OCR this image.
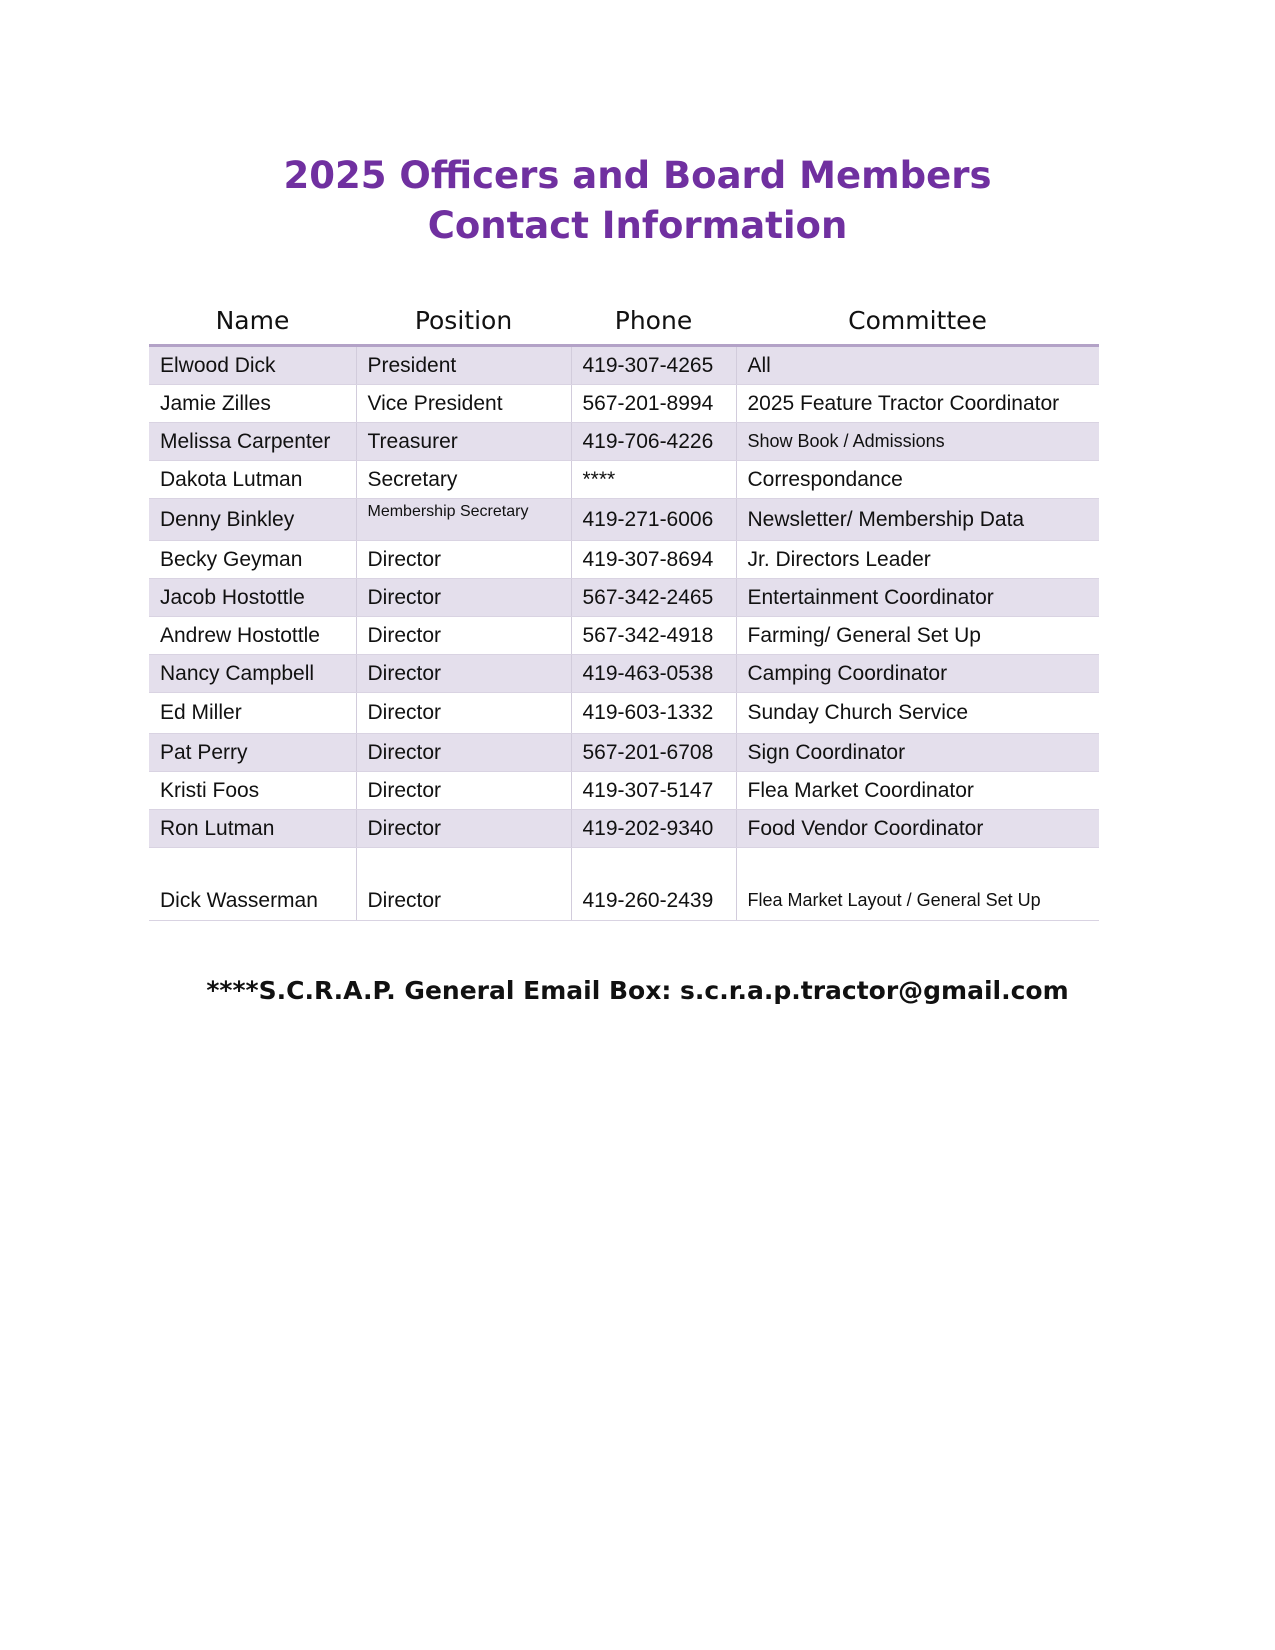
2025 Officers and Board Members
Contact Information
Name	Position	Phone	Committee
Elwood Dick	President	419-307-4265	All
Jamie Zilles	Vice President	567-201-8994	2025 Feature Tractor Coordinator
Melissa Carpenter	Treasurer	419-706-4226	Show Book / Admissions
Dakota Lutman	Secretary	****	Correspondance
Denny Binkley	Membership Secretary	419-271-6006	Newsletter/ Membership Data
Becky Geyman	Director	419-307-8694	Jr. Directors Leader
Jacob Hostottle	Director	567-342-2465	Entertainment Coordinator
Andrew Hostottle	Director	567-342-4918	Farming/ General Set Up
Nancy Campbell	Director	419-463-0538	Camping Coordinator
Ed Miller	Director	419-603-1332	Sunday Church Service
Pat Perry	Director	567-201-6708	Sign Coordinator
Kristi Foos	Director	419-307-5147	Flea Market Coordinator
Ron Lutman	Director	419-202-9340	Food Vendor Coordinator
Dick Wasserman	Director	419-260-2439	Flea Market Layout / General Set Up
****S.C.R.A.P. General Email Box: s.c.r.a.p.tractor@gmail.com
